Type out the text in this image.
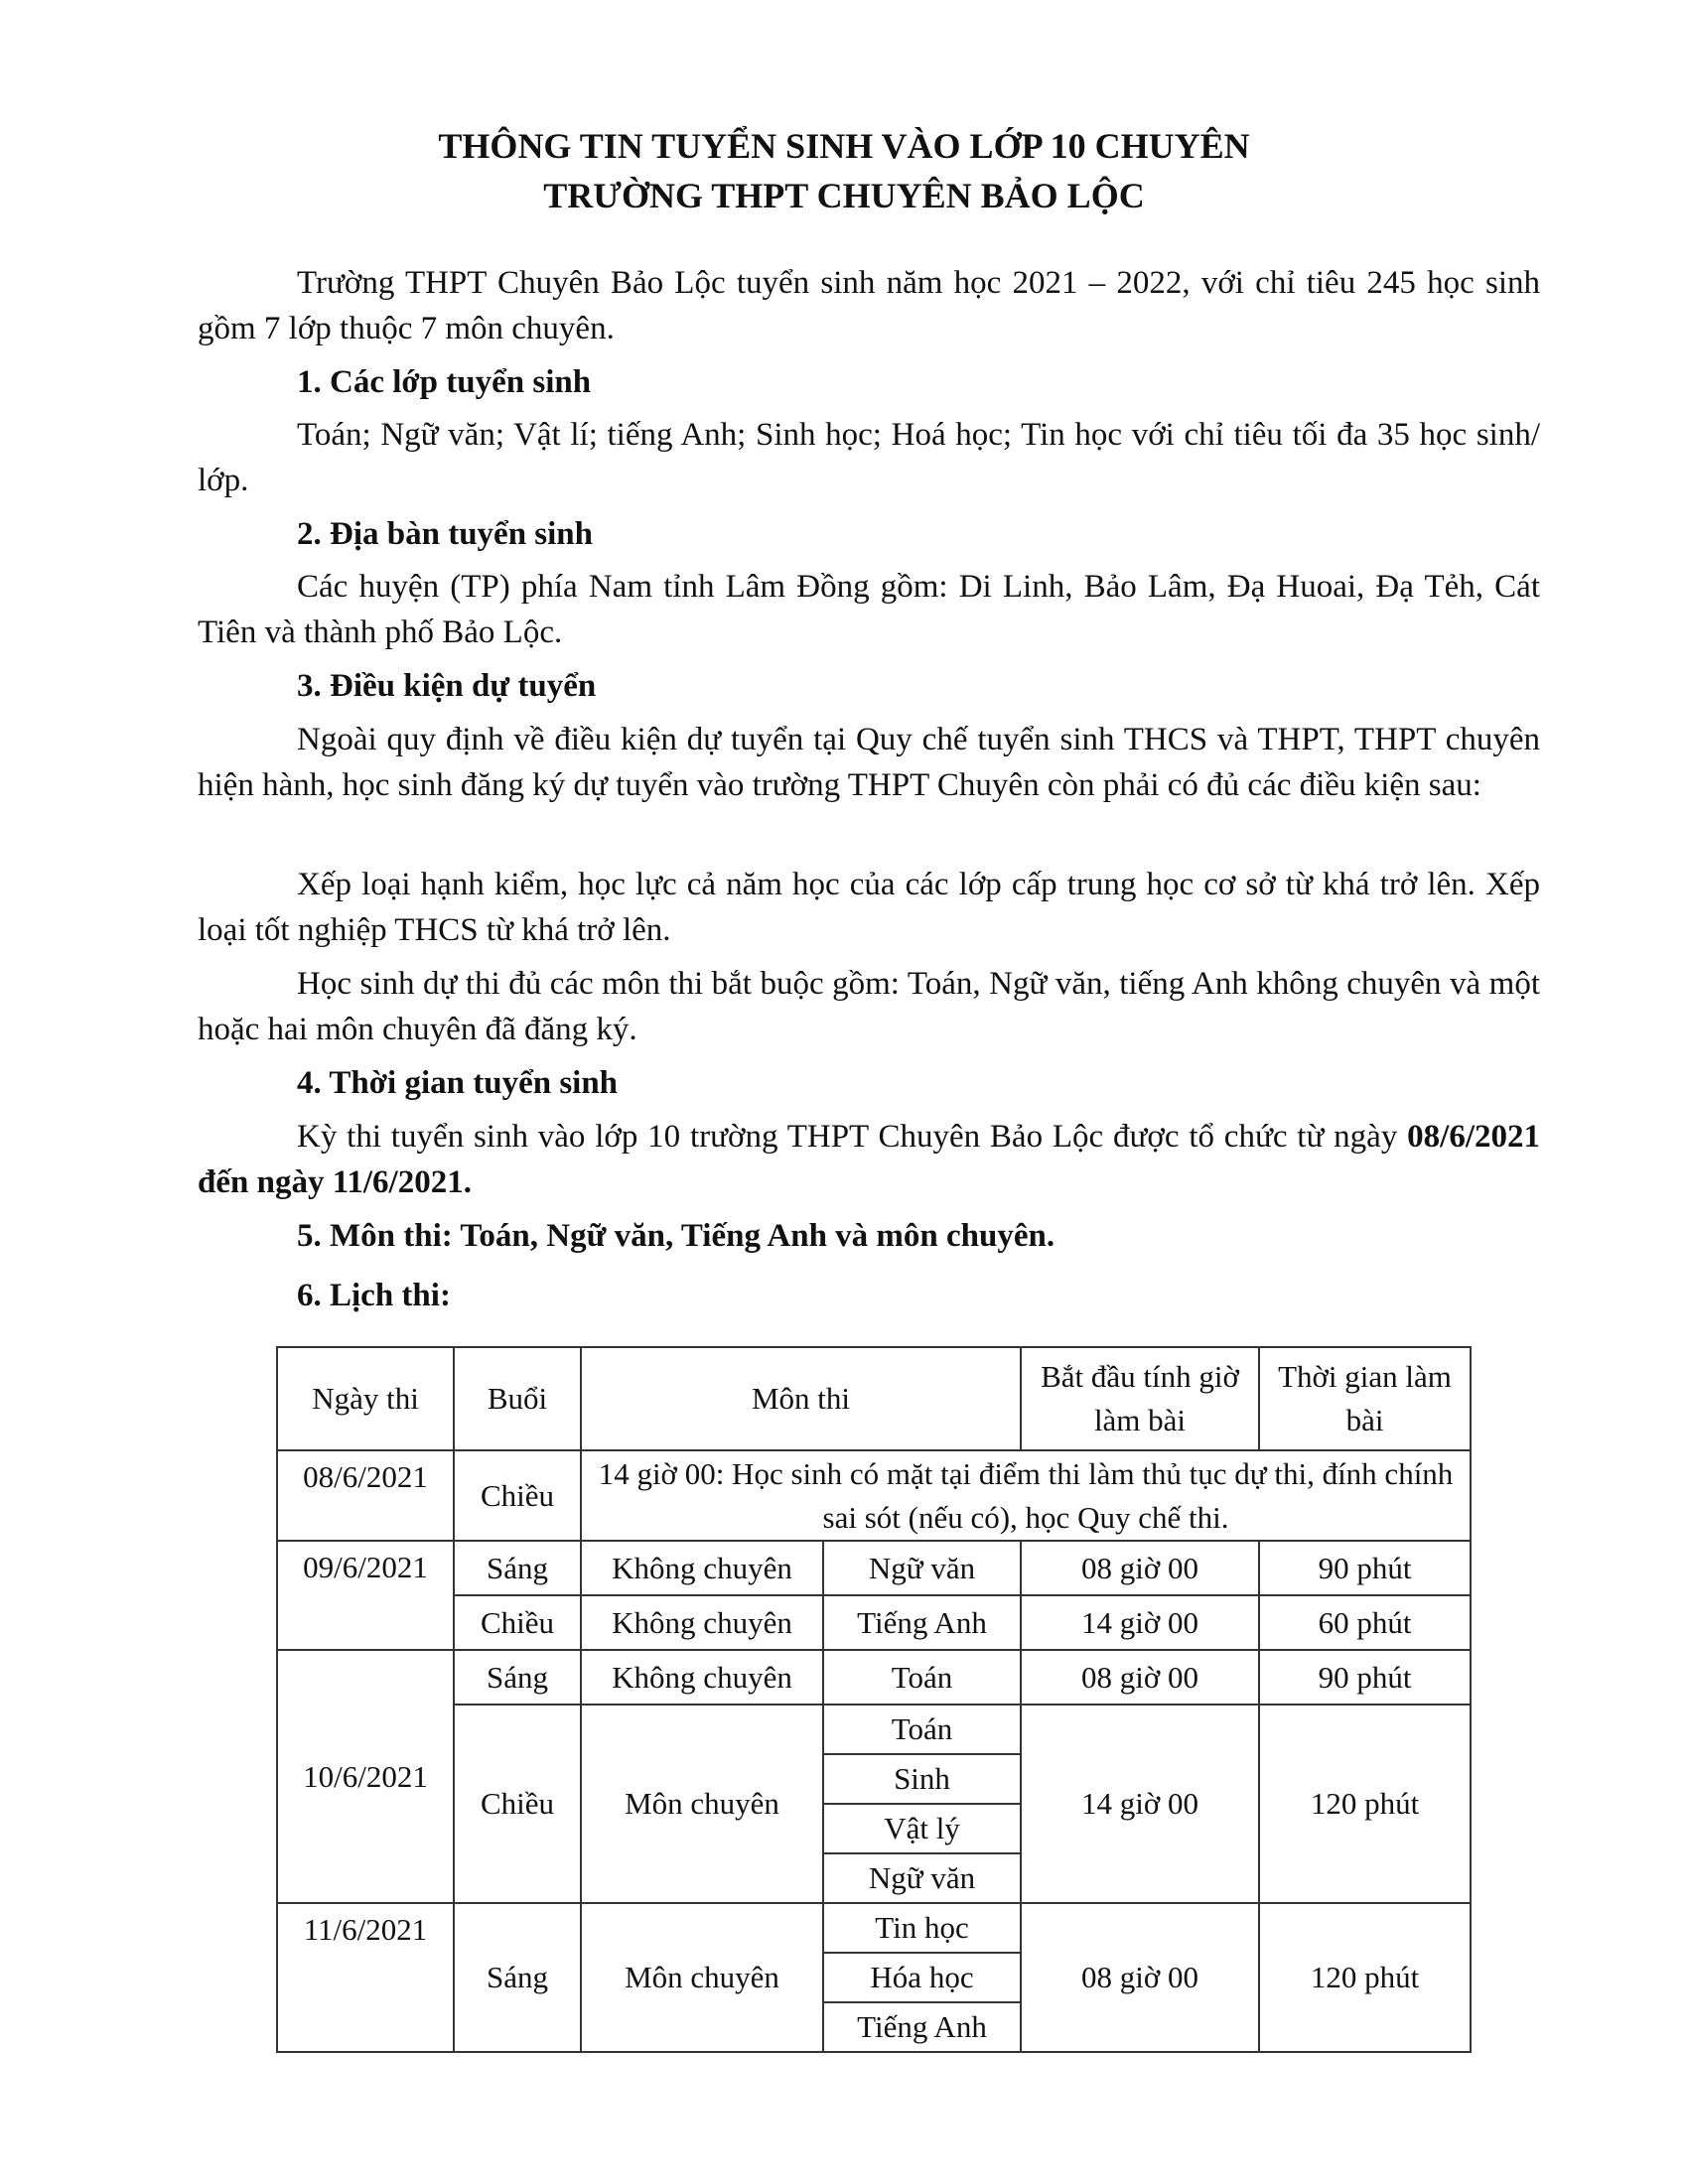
THÔNG TIN TUYỂN SINH VÀO LỚP 10 CHUYÊN
TRƯỜNG THPT CHUYÊN BẢO LỘC

Trường THPT Chuyên Bảo Lộc tuyển sinh năm học 2021 – 2022, với chỉ tiêu 245 học sinh gồm 7 lớp thuộc 7 môn chuyên.

1. Các lớp tuyển sinh

Toán; Ngữ văn; Vật lí; tiếng Anh; Sinh học; Hoá học; Tin học với chỉ tiêu tối đa 35 học sinh/ lớp.

2. Địa bàn tuyển sinh

Các huyện (TP) phía Nam tỉnh Lâm Đồng gồm: Di Linh, Bảo Lâm, Đạ Huoai, Đạ Tẻh, Cát Tiên và thành phố Bảo Lộc.

3. Điều kiện dự tuyển

Ngoài quy định về điều kiện dự tuyển tại Quy chế tuyển sinh THCS và THPT, THPT chuyên hiện hành, học sinh đăng ký dự tuyển vào trường THPT Chuyên còn phải có đủ các điều kiện sau:

Xếp loại hạnh kiểm, học lực cả năm học của các lớp cấp trung học cơ sở từ khá trở lên. Xếp loại tốt nghiệp THCS từ khá trở lên.

Học sinh dự thi đủ các môn thi bắt buộc gồm: Toán, Ngữ văn, tiếng Anh không chuyên và một hoặc hai môn chuyên đã đăng ký.

4. Thời gian tuyển sinh

Kỳ thi tuyển sinh vào lớp 10 trường THPT Chuyên Bảo Lộc được tổ chức từ ngày 08/6/2021 đến ngày 11/6/2021.

5. Môn thi: Toán, Ngữ văn, Tiếng Anh và môn chuyên.

6. Lịch thi:

Ngày thi	Buổi	Môn thi		Bắt đầu tính giờ làm bài	Thời gian làm bài
08/6/2021	Chiều	14 giờ 00: Học sinh có mặt tại điểm thi làm thủ tục dự thi, đính chính sai sót (nếu có), học Quy chế thi.			
09/6/2021	Sáng	Không chuyên	Ngữ văn	08 giờ 00	90 phút
	Chiều	Không chuyên	Tiếng Anh	14 giờ 00	60 phút
10/6/2021	Sáng	Không chuyên	Toán	08 giờ 00	90 phút
	Chiều	Môn chuyên	Toán	14 giờ 00	120 phút
			Sinh		
			Vật lý		
			Ngữ văn		
11/6/2021	Sáng	Môn chuyên	Tin học	08 giờ 00	120 phút
			Hóa học		
			Tiếng Anh		
